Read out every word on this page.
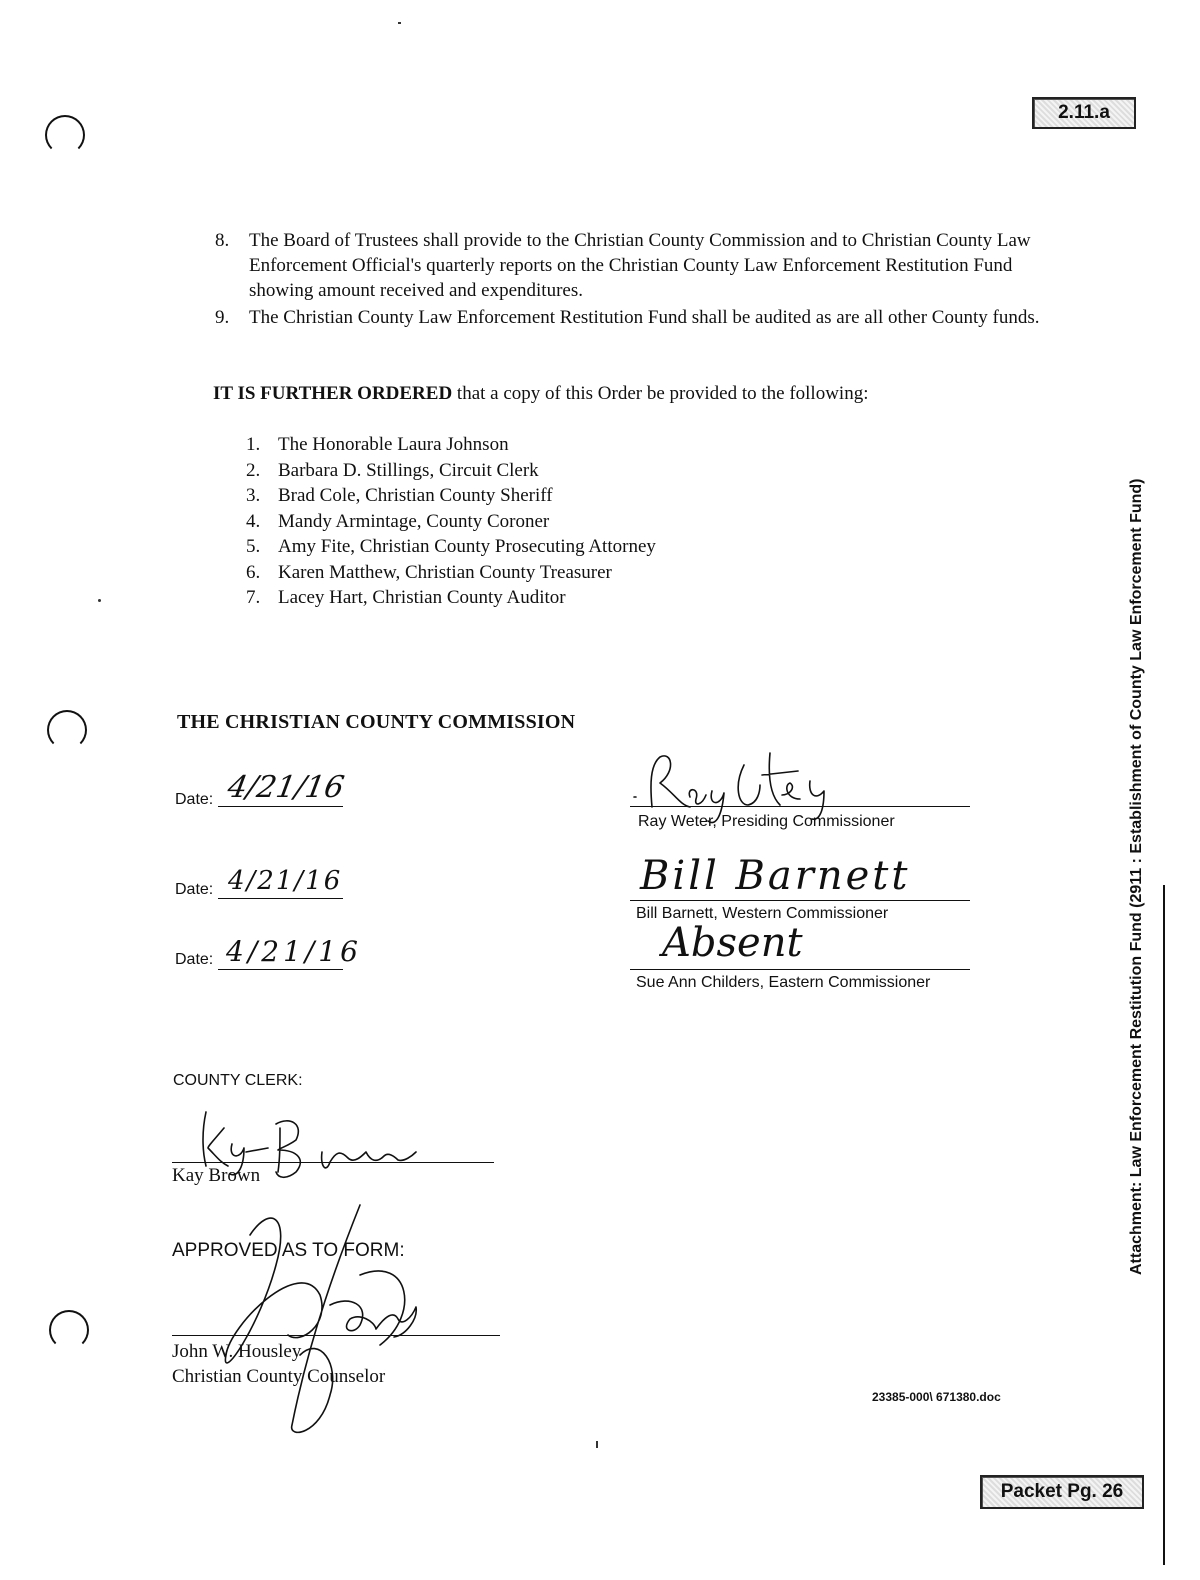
2.11.a
Attachment: Law Enforcement Restitution Fund (2911 : Establishment of County Law Enforcement Fund)
8. The Board of Trustees shall provide to the Christian County Commission and to Christian County Law Enforcement Official's quarterly reports on the Christian County Law Enforcement Restitution Fund showing amount received and expenditures.
9. The Christian County Law Enforcement Restitution Fund shall be audited as are all other County funds.
IT IS FURTHER ORDERED that a copy of this Order be provided to the following:
1. The Honorable Laura Johnson
2. Barbara D. Stillings, Circuit Clerk
3. Brad Cole, Christian County Sheriff
4. Mandy Armintage, County Coroner
5. Amy Fite, Christian County Prosecuting Attorney
6. Karen Matthew, Christian County Treasurer
7. Lacey Hart, Christian County Auditor
THE CHRISTIAN COUNTY COMMISSION
Date: 4/21/16
Date: 4/21/16
Date: 4/21/16
Ray Weter, Presiding Commissioner
Bill Barnett
Bill Barnett, Western Commissioner
Absent
Sue Ann Childers, Eastern Commissioner
COUNTY CLERK:
Kay Brown
APPROVED AS TO FORM:
John W. Housley
Christian County Counselor
23385-000\ 671380.doc
Packet Pg. 26
